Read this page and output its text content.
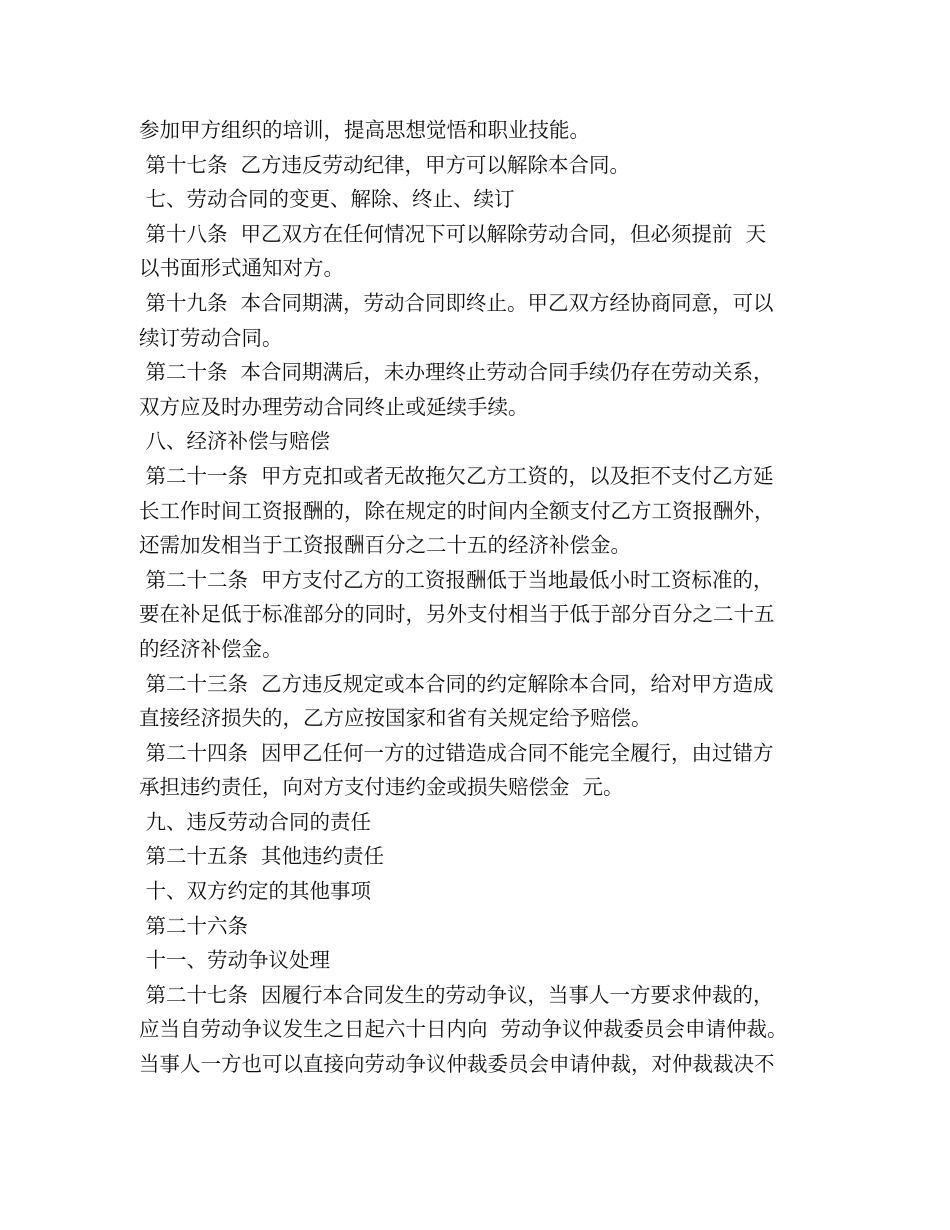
参加甲方组织的培训，提高思想觉悟和职业技能。
第十七条  乙方违反劳动纪律，甲方可以解除本合同。
七、劳动合同的变更、解除、终止、续订
第十八条  甲乙双方在任何情况下可以解除劳动合同，但必须提前  天
以书面形式通知对方。
第十九条  本合同期满，劳动合同即终止。甲乙双方经协商同意，可以
续订劳动合同。
第二十条  本合同期满后，未办理终止劳动合同手续仍存在劳动关系，
双方应及时办理劳动合同终止或延续手续。
八、经济补偿与赔偿
第二十一条  甲方克扣或者无故拖欠乙方工资的，以及拒不支付乙方延
长工作时间工资报酬的，除在规定的时间内全额支付乙方工资报酬外，
还需加发相当于工资报酬百分之二十五的经济补偿金。
第二十二条  甲方支付乙方的工资报酬低于当地最低小时工资标准的，
要在补足低于标准部分的同时，另外支付相当于低于部分百分之二十五
的经济补偿金。
第二十三条  乙方违反规定或本合同的约定解除本合同，给对甲方造成
直接经济损失的，乙方应按国家和省有关规定给予赔偿。
第二十四条  因甲乙任何一方的过错造成合同不能完全履行，由过错方
承担违约责任，向对方支付违约金或损失赔偿金  元。
九、违反劳动合同的责任
第二十五条  其他违约责任
十、双方约定的其他事项
第二十六条
十一、劳动争议处理
第二十七条  因履行本合同发生的劳动争议，当事人一方要求仲裁的，
应当自劳动争议发生之日起六十日内向  劳动争议仲裁委员会申请仲裁。
当事人一方也可以直接向劳动争议仲裁委员会申请仲裁，对仲裁裁决不
